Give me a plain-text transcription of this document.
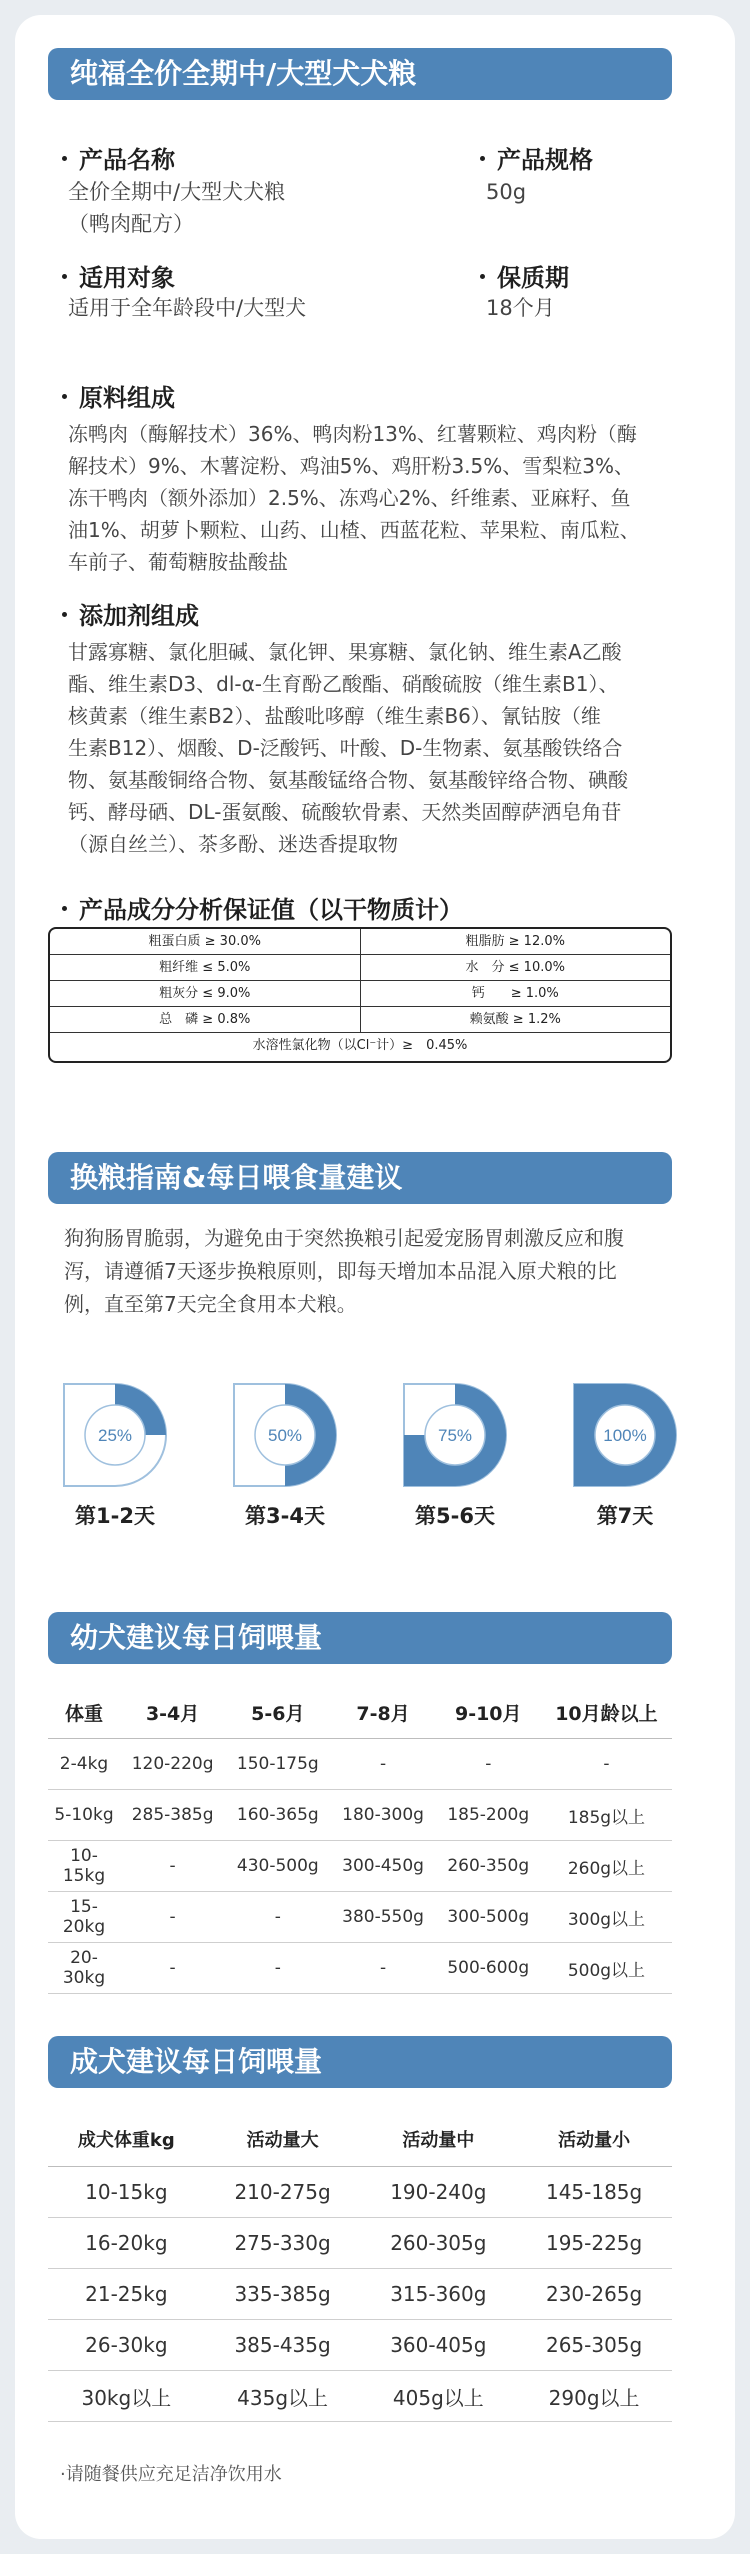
纯福全价全期中/大型犬犬粮
产品名称
全价全期中/大型犬犬粮
（鸭肉配方）
产品规格
50g
适用对象
适用于全年龄段中/大型犬
保质期
18个月
原料组成
冻鸭肉（酶解技术）36%、鸭肉粉13%、红薯颗粒、鸡肉粉（酶
解技术）9%、木薯淀粉、鸡油5%、鸡肝粉3.5%、雪梨粒3%、
冻干鸭肉（额外添加）2.5%、冻鸡心2%、纤维素、亚麻籽、鱼
油1%、胡萝卜颗粒、山药、山楂、西蓝花粒、苹果粒、南瓜粒、
车前子、葡萄糖胺盐酸盐
添加剂组成
甘露寡糖、氯化胆碱、氯化钾、果寡糖、氯化钠、维生素A乙酸
酯、维生素D3、dl-α-生育酚乙酸酯、硝酸硫胺（维生素B1）、
核黄素（维生素B2）、盐酸吡哆醇（维生素B6）、氰钴胺（维
生素B12）、烟酸、D-泛酸钙、叶酸、D-生物素、氨基酸铁络合
物、氨基酸铜络合物、氨基酸锰络合物、氨基酸锌络合物、碘酸
钙、酵母硒、DL-蛋氨酸、硫酸软骨素、天然类固醇萨洒皂角苷
（源自丝兰）、茶多酚、迷迭香提取物
产品成分分析保证值（以干物质计）
粗蛋白质 ≥ 30.0%	粗脂肪 ≥ 12.0%
粗纤维 ≤ 5.0%	水　分 ≤ 10.0%
粗灰分 ≤ 9.0%	钙　　≥ 1.0%
总　磷 ≥ 0.8%	赖氨酸 ≥ 1.2%
水溶性氯化物（以Cl⁻计）≥　0.45%
换粮指南&每日喂食量建议
狗狗肠胃脆弱，为避免由于突然换粮引起爱宠肠胃刺激反应和腹
泻，请遵循7天逐步换粮原则，即每天增加本品混入原犬粮的比
例，直至第7天完全食用本犬粮。
25%
第1-2天
50%
第3-4天
75%
第5-6天
100%
第7天
幼犬建议每日饲喂量
体重	3-4月	5-6月	7-8月	9-10月	10月龄以上
2-4kg	120-220g	150-175g	-	-	-
5-10kg	285-385g	160-365g	180-300g	185-200g	185g以上
10-15kg	-	430-500g	300-450g	260-350g	260g以上
15-20kg	-	-	380-550g	300-500g	300g以上
20-30kg	-	-	-	500-600g	500g以上
成犬建议每日饲喂量
成犬体重kg	活动量大	活动量中	活动量小
10-15kg	210-275g	190-240g	145-185g
16-20kg	275-330g	260-305g	195-225g
21-25kg	335-385g	315-360g	230-265g
26-30kg	385-435g	360-405g	265-305g
30kg以上	435g以上	405g以上	290g以上
·请随餐供应充足洁净饮用水
